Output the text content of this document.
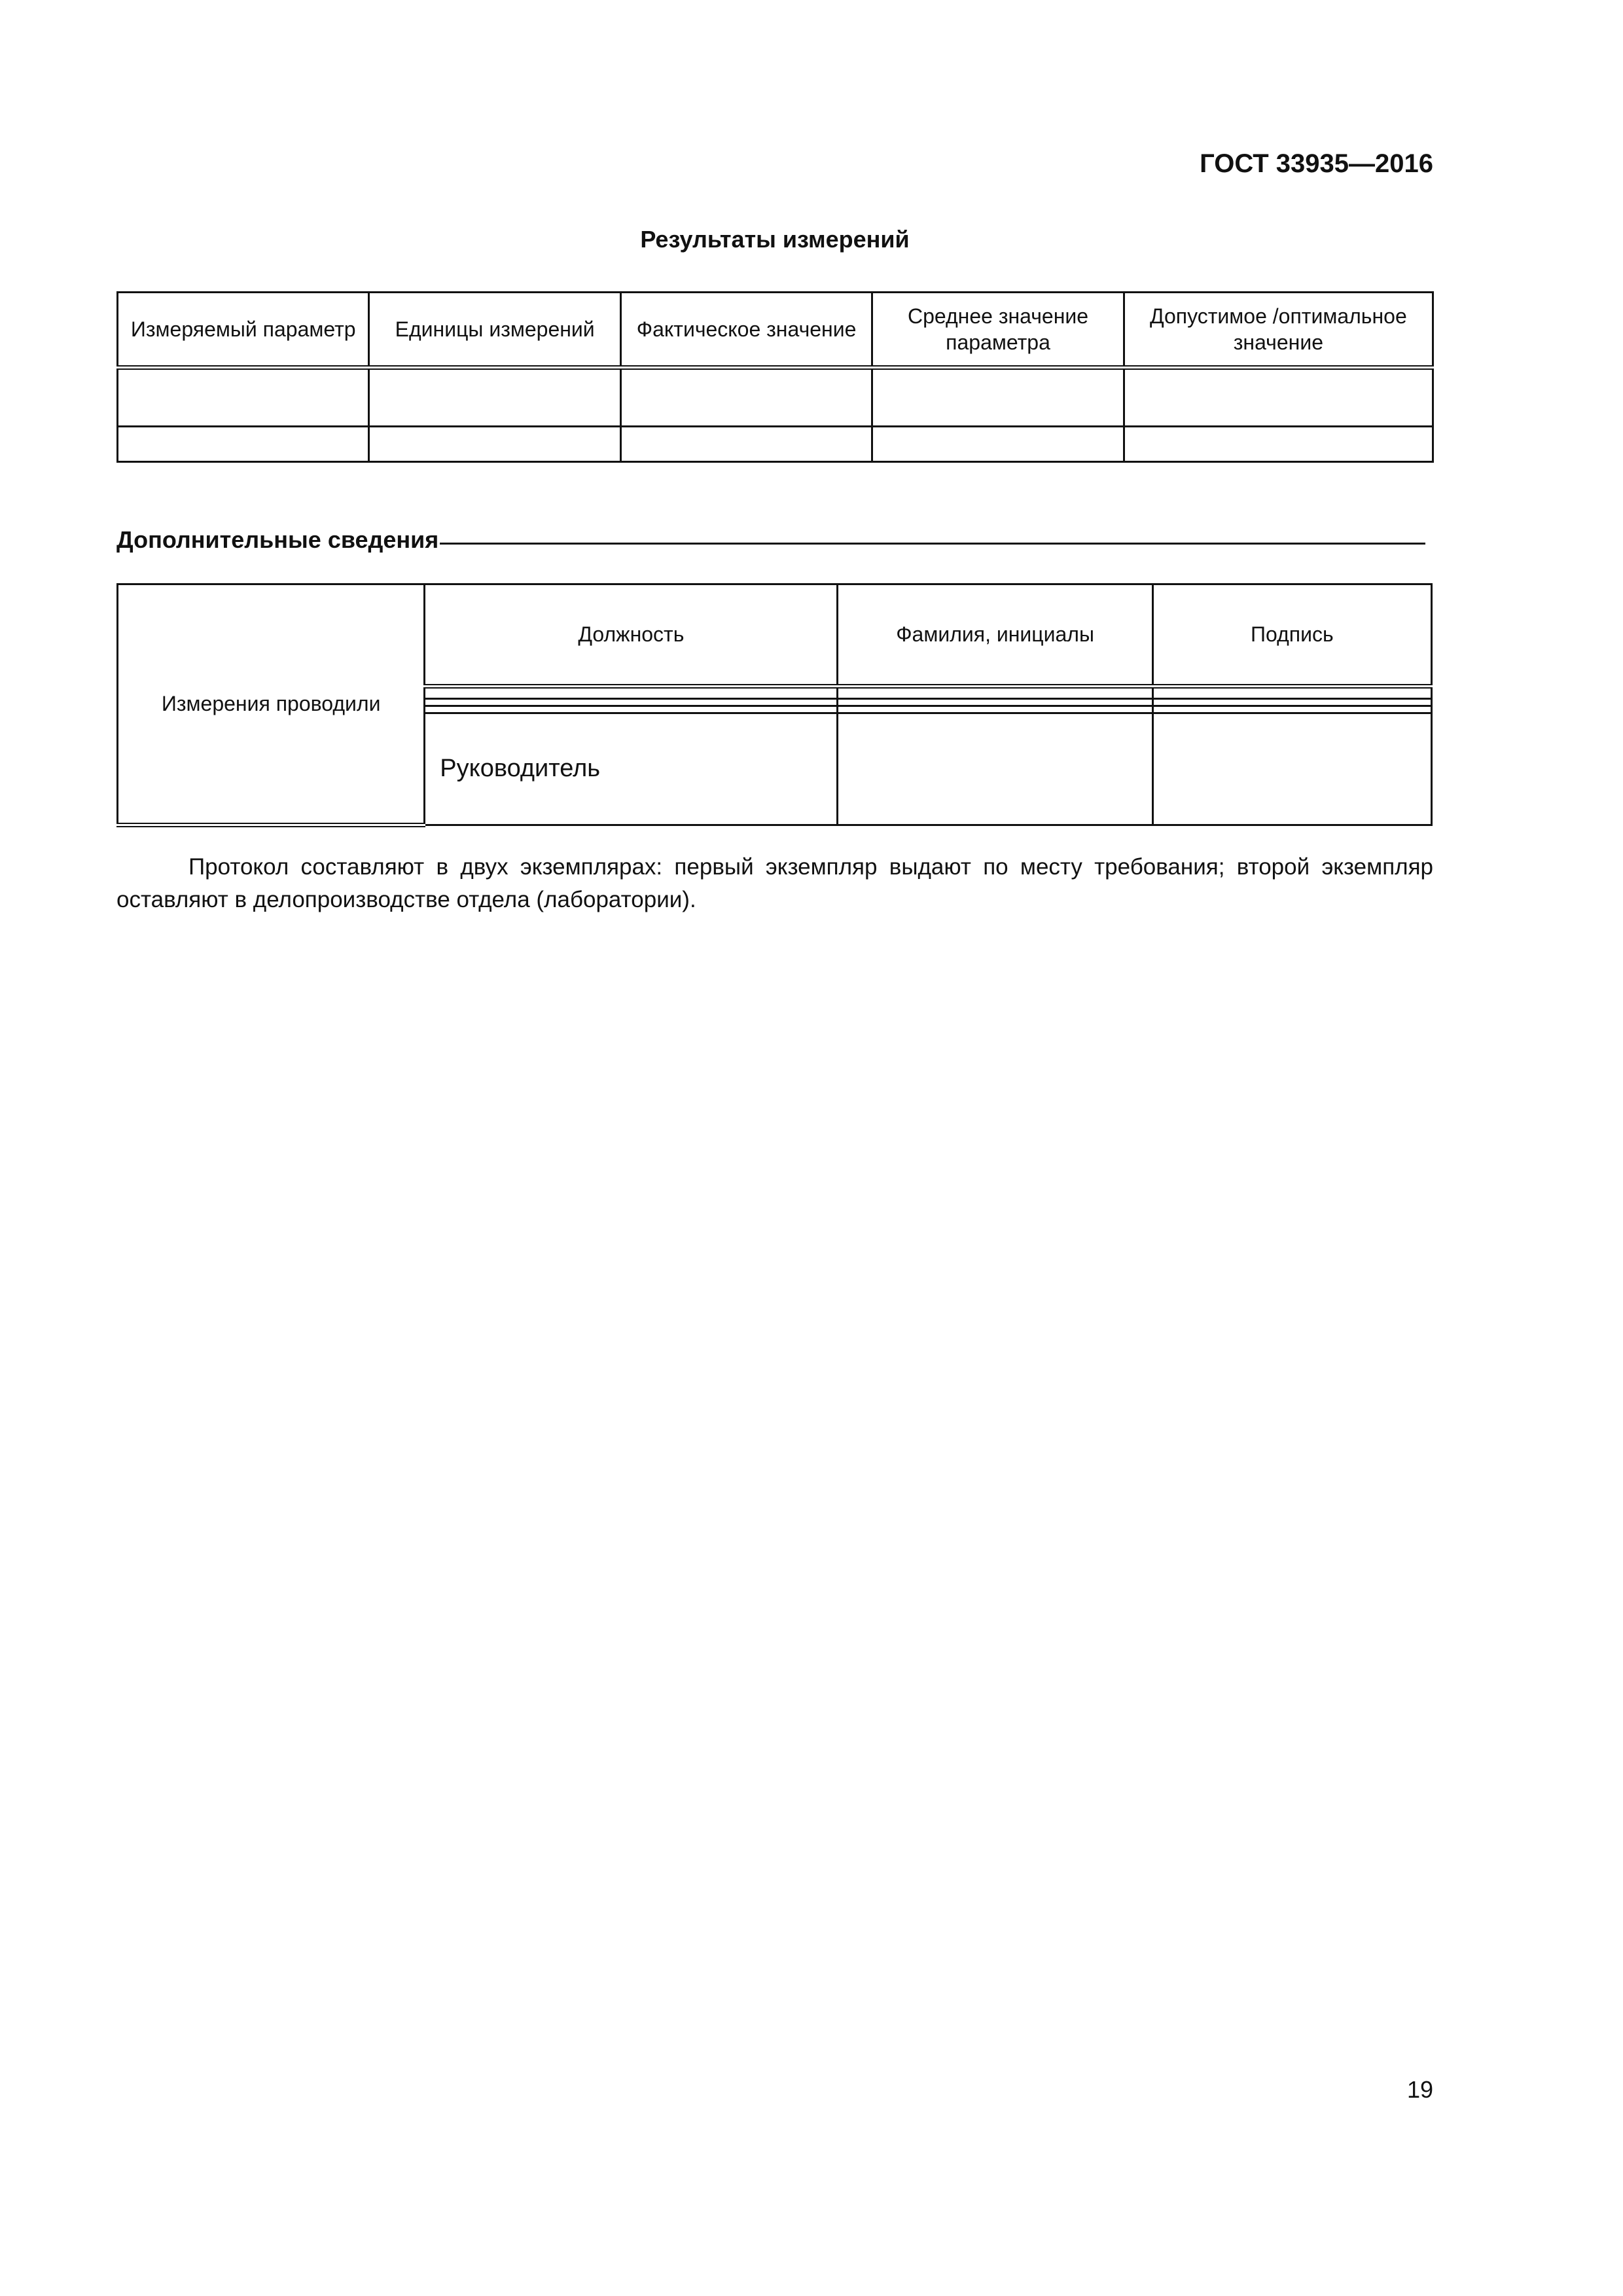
ГОСТ 33935—2016
Результаты измерений
Измеряемый параметр	Единицы измерений	Фактическое значение	Среднее значение параметра	Допустимое /оптимальное значение

Дополнительные сведения
Измерения проводили	Должность	Фамилия, инициалы	Подпись

	Руководитель		

Протокол составляют в двух экземплярах: первый экземпляр выдают по месту требования; второй экземпляр оставляют в делопроизводстве отдела (лаборатории).

19
